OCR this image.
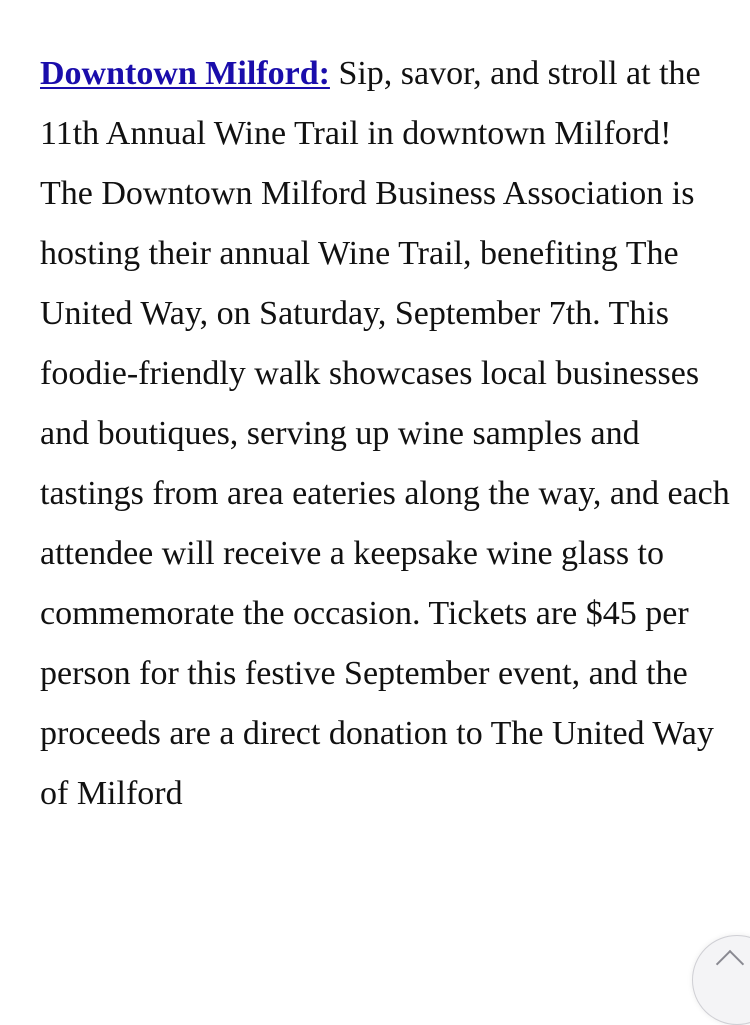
Downtown Milford: Sip, savor, and stroll at the 11th Annual Wine Trail in downtown Milford! The Downtown Milford Business Association is hosting their annual Wine Trail, benefiting The United Way, on Saturday, September 7th. This foodie-friendly walk showcases local businesses and boutiques, serving up wine samples and tastings from area eateries along the way, and each attendee will receive a keepsake wine glass to commemorate the occasion. Tickets are $45 per person for this festive September event, and the proceeds are a direct donation to The United Way of Milford
